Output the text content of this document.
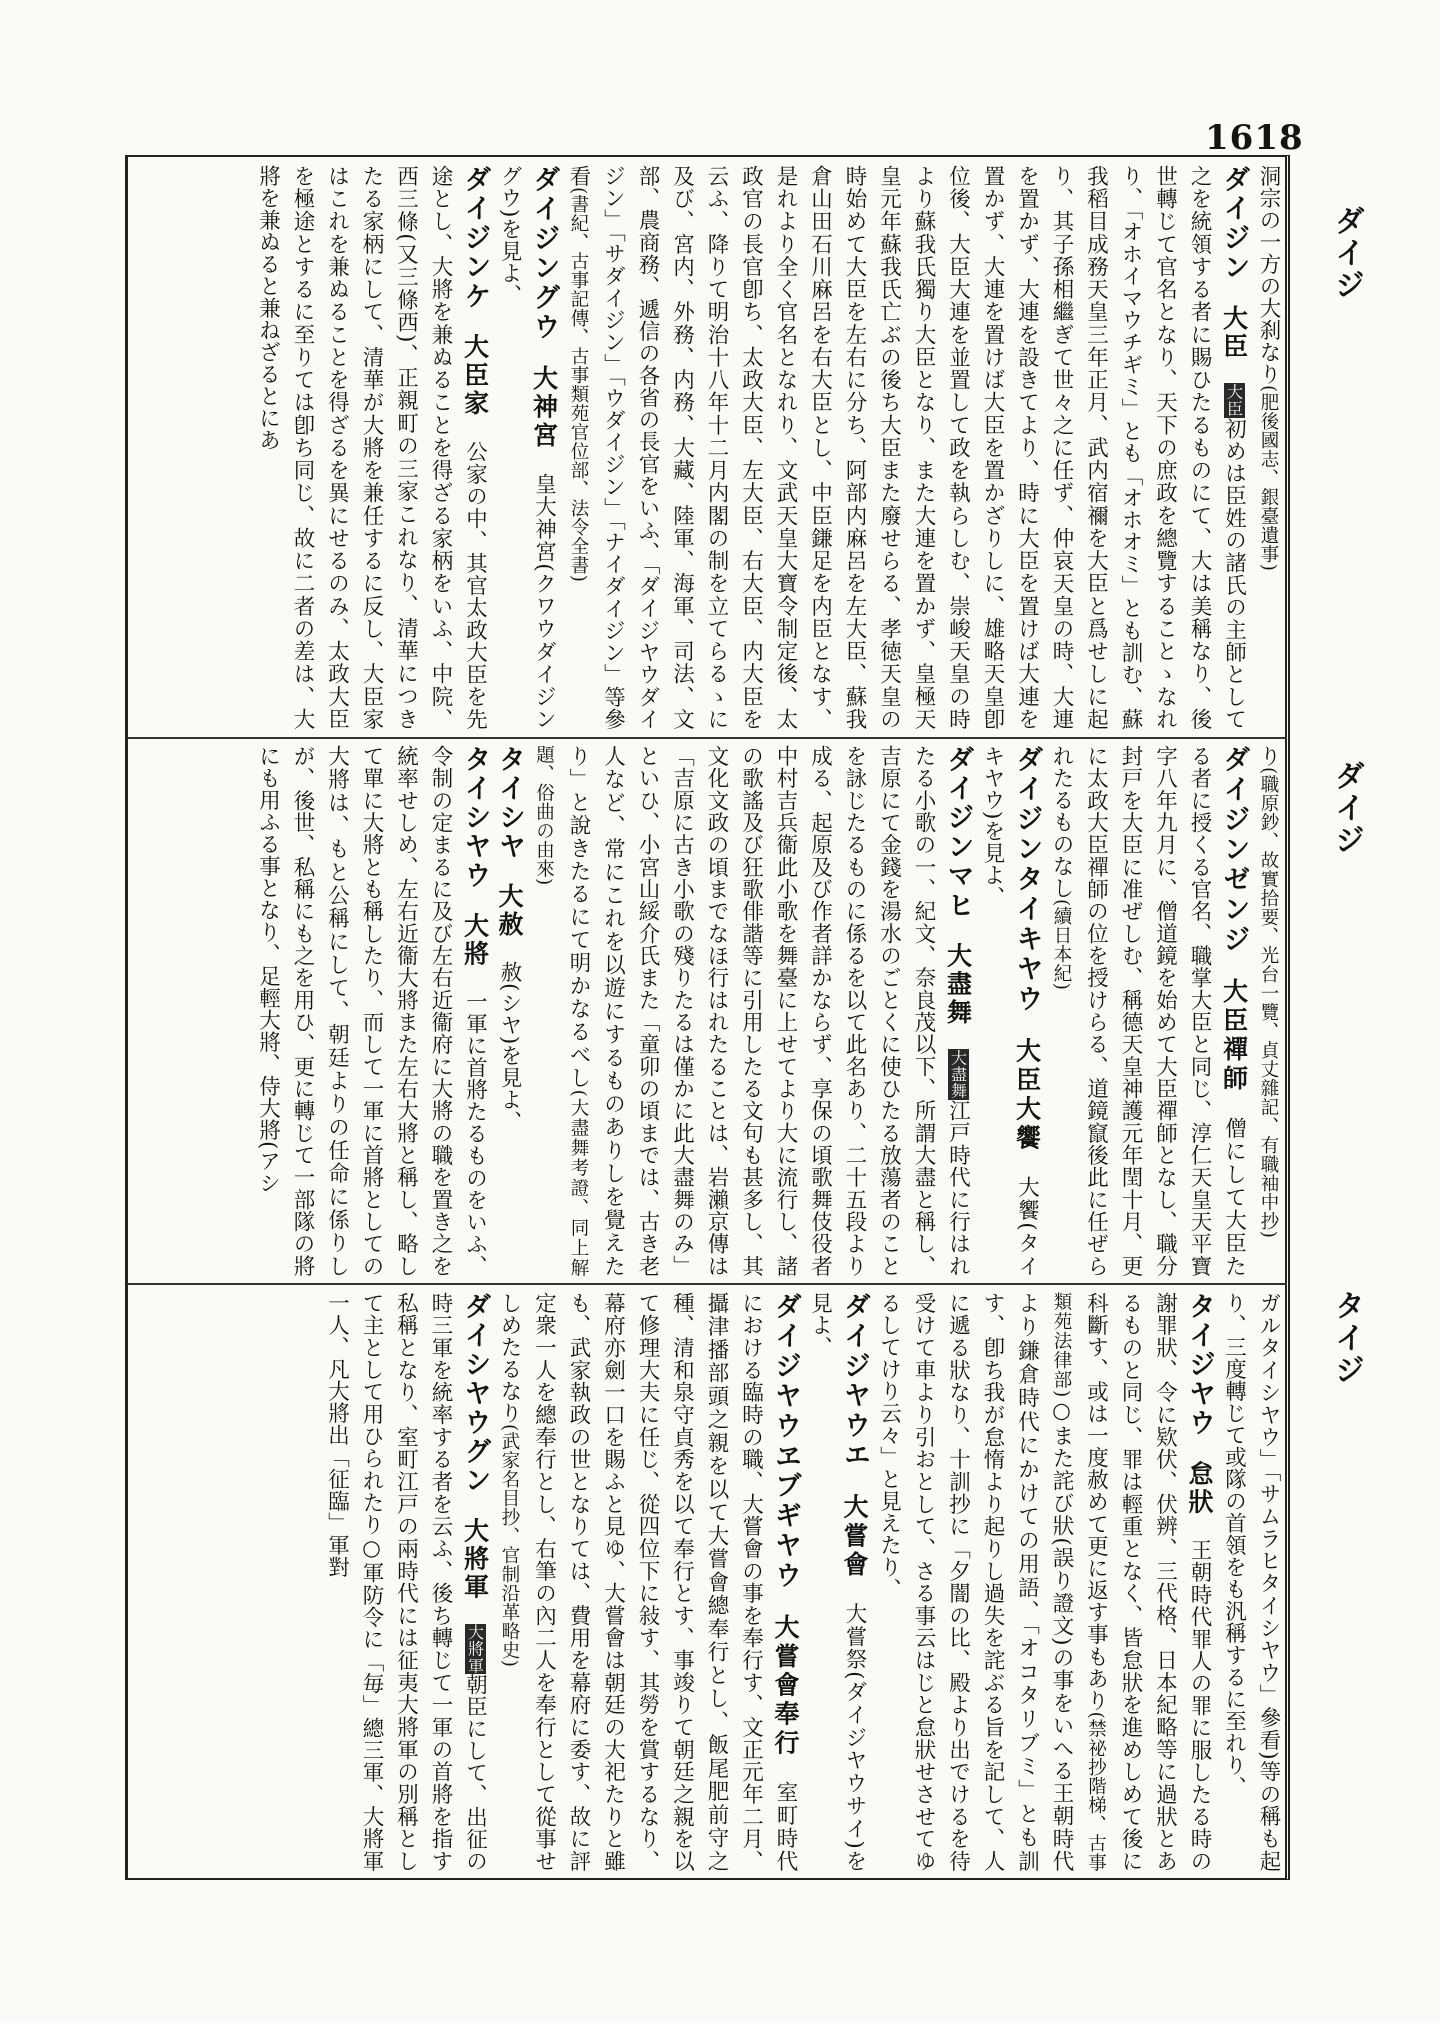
1618
ダイジ
ダイジ
タイジ
洞宗の一方の大刹なり(肥後國志、銀臺遺事)
ダイジン大臣大臣初めは臣姓の諸氏の主師として之を統領する者に賜ひたるものにて、大は美稱なり、後世轉じて官名となり、天下の庶政を總覽することゝなれり、「オホイマウチギミ」とも「オホオミ」とも訓む、蘇我稻目成務天皇三年正月、武内宿禰を大臣と爲せしに起り、其子孫相繼ぎて世々之に任ず、仲哀天皇の時、大連を置かず、大連を設きてより、時に大臣を置けば大連を置かず、大連を置けば大臣を置かざりしに、雄略天皇卽位後、大臣大連を並置して政を執らしむ、崇峻天皇の時より蘇我氏獨り大臣となり、また大連を置かず、皇極天皇元年蘇我氏亡ぶの後ち大臣また廢せらる、孝徳天皇の時始めて大臣を左右に分ち、阿部内麻呂を左大臣、蘇我倉山田石川麻呂を右大臣とし、中臣鎌足を内臣となす、是れより全く官名となれり、文武天皇大寶令制定後、太政官の長官卽ち、太政大臣、左大臣、右大臣、内大臣を云ふ、降りて明治十八年十二月内閣の制を立てらるゝに及び、宮内、外務、内務、大藏、陸軍、海軍、司法、文部、農商務、遞信の各省の長官をいふ、「ダイジヤウダイジン」「サダイジン」「ウダイジン」「ナイダイジン」等參看(書紀、古事記傳、古事類苑官位部、法令全書)
ダイジングウ大神宮皇大神宮(クワウダイジングウ)を見よ、
ダイジンケ大臣家公家の中、其官太政大臣を先途とし、大將を兼ぬることを得ざる家柄をいふ、中院、西三條(又三條西)、正親町の三家これなり、清華につきたる家柄にして、清華が大將を兼任するに反し、大臣家はこれを兼ぬることを得ざるを異にせるのみ、太政大臣を極途とするに至りては卽ち同じ、故に二者の差は、大將を兼ぬると兼ねざるとにあ
り(職原鈔、故實拾要、光台一覽、貞丈雜記、有職袖中抄)
ダイジンゼンジ大臣禪師僧にして大臣たる者に授くる官名、職掌大臣と同じ、淳仁天皇天平寶字八年九月に、僧道鏡を始めて大臣禪師となし、職分封戸を大臣に准ぜしむ、稱德天皇神護元年閏十月、更に太政大臣禪師の位を授けらる、道鏡竄後此に任ぜられたるものなし(續日本紀)
ダイジンタイキヤウ大臣大饗大饗(タイキヤウ)を見よ、
ダイジンマヒ大盡舞大盡舞江戸時代に行はれたる小歌の一、紀文、奈良茂以下、所謂大盡と稱し、吉原にて金錢を湯水のごとくに使ひたる放蕩者のことを詠じたるものに係るを以て此名あり、二十五段より成る、起原及び作者詳かならず、享保の頃歌舞伎役者中村吉兵衞此小歌を舞臺に上せてより大に流行し、諸の歌謠及び狂歌俳諧等に引用したる文句も甚多し、其文化文政の頃までなほ行はれたることは、岩瀨京傳は「吉原に古き小歌の殘りたるは僅かに此大盡舞のみ」といひ、小宮山綏介氏また「童卯の頃までは、古き老人など、常にこれを以遊にするものありしを覺えたり」と說きたるにて明かなるべし(大盡舞考證、同上解題、俗曲の由來)
タイシヤ大赦赦(シヤ)を見よ、
タイシヤウ大將一軍に首將たるものをいふ、令制の定まるに及び左右近衞府に大將の職を置き之を統率せしめ、左右近衞大將また左右大將と稱し、略して單に大將とも稱したり、而して一軍に首將としての大將は、もと公稱にして、朝廷よりの任命に係りしが、後世、私稱にも之を用ひ、更に轉じて一部隊の將にも用ふる事となり、足輕大將、侍大將(アシ
ガルタイシヤウ」「サムラヒタイシヤウ」參看)等の稱も起り、三度轉じて或隊の首領をも汎稱するに至れり、
タイジヤウ怠狀王朝時代罪人の罪に服したる時の謝罪狀、令に欵伏、伏辨、三代格、日本紀略等に過狀とあるものと同じ、罪は輕重となく、皆怠狀を進めしめて後に科斷す、或は一度赦めて更に返す事もあり(禁祕抄階梯、古事類苑法律部)○また詫び狀(誤り證文)の事をいへる王朝時代より鎌倉時代にかけての用語、「オコタリブミ」とも訓す、卽ち我が怠惰より起りし過失を詫ぶる旨を記して、人に遞る狀なり、十訓抄に「夕闇の比、殿より出でけるを待受けて車より引おとして、さる事云はじと怠狀せさせてゆるしてけり云々」と見えたり、
ダイジヤウエ大嘗會大嘗祭(ダイジヤウサイ)を見よ、
ダイジヤウヱブギヤウ大嘗會奉行室町時代における臨時の職、大嘗會の事を奉行す、文正元年二月、攝津播部頭之親を以て大嘗會總奉行とし、飯尾肥前守之種、清和泉守貞秀を以て奉行とす、事竣りて朝廷之親を以て修理大夫に任じ、從四位下に敍す、其勞を賞するなり、幕府亦劍一口を賜ふと見ゆ、大嘗會は朝廷の大祀たりと雖も、武家執政の世となりては、費用を幕府に委す、故に評定衆一人を總奉行とし、右筆の內二人を奉行として從事せしめたるなり(武家名目抄、官制沿革略史)
ダイシヤウグン大將軍大將軍朝臣にして、出征の時三軍を統率する者を云ふ、後ち轉じて一軍の首將を指す私稱となり、室町江戸の兩時代には征夷大將軍の別稱として主として用ひられたり○軍防令に「毎」總三軍、大將軍一人、凡大將出「征臨」軍對
